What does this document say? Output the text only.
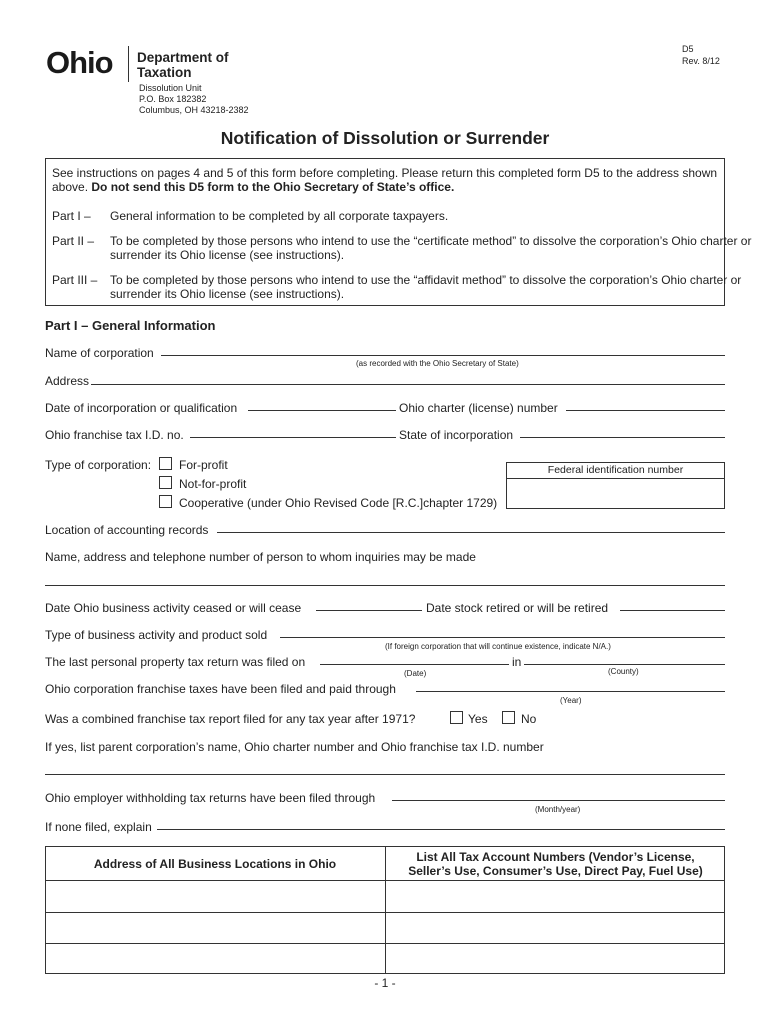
Ohio Department of
Taxation
Dissolution Unit
P.O. Box 182382
Columbus, OH 43218-2382
D5
Rev. 8/12
Notification of Dissolution or Surrender
See instructions on pages 4 and 5 of this form before completing. Please return this completed form D5 to the address shown above. Do not send this D5 form to the Ohio Secretary of State’s office.
Part I – General information to be completed by all corporate taxpayers.
Part II – To be completed by those persons who intend to use the “certificate method” to dissolve the corporation’s Ohio charter or surrender its Ohio license (see instructions).
Part III – To be completed by those persons who intend to use the “affidavit method” to dissolve the corporation’s Ohio charter or surrender its Ohio license (see instructions).
Part I – General Information
Name of corporation
(as recorded with the Ohio Secretary of State)
Address
Date of incorporation or qualification	Ohio charter (license) number
Ohio franchise tax I.D. no.	State of incorporation
Type of corporation: For-profit
Not-for-profit
Cooperative (under Ohio Revised Code [R.C.]chapter 1729)
Federal identification number
Location of accounting records
Name, address and telephone number of person to whom inquiries may be made
Date Ohio business activity ceased or will cease	Date stock retired or will be retired
Type of business activity and product sold
(If foreign corporation that will continue existence, indicate N/A.)
The last personal property tax return was filed on	in
(Date)	(County)
Ohio corporation franchise taxes have been filed and paid through
(Year)
Was a combined franchise tax report filed for any tax year after 1971?	Yes	No
If yes, list parent corporation’s name, Ohio charter number and Ohio franchise tax I.D. number
Ohio employer withholding tax returns have been filed through
(Month/year)
If none filed, explain
Address of All Business Locations in Ohio	List All Tax Account Numbers (Vendor’s License,
Seller’s Use, Consumer’s Use, Direct Pay, Fuel Use)
- 1 -
